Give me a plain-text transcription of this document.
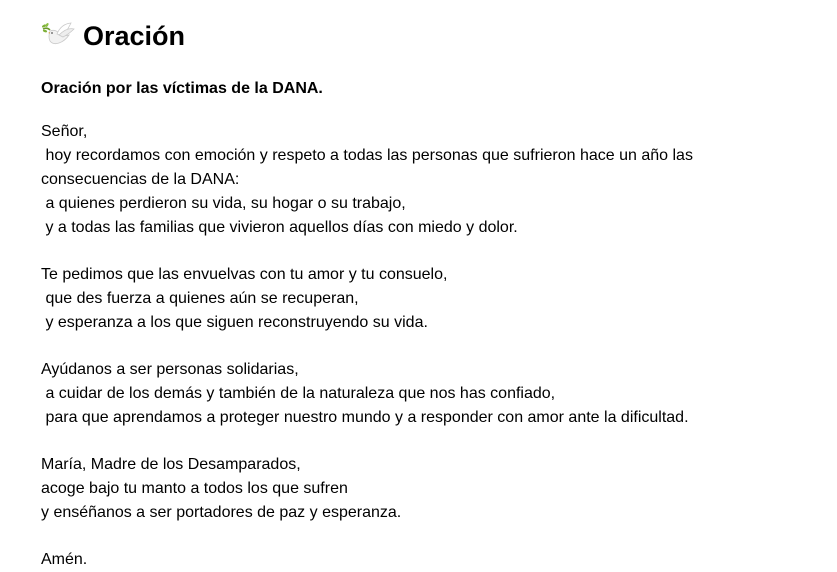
Oración

Oración por las víctimas de la DANA.

Señor,
hoy recordamos con emoción y respeto a todas las personas que sufrieron hace un año las
consecuencias de la DANA:
a quienes perdieron su vida, su hogar o su trabajo,
y a todas las familias que vivieron aquellos días con miedo y dolor.
Te pedimos que las envuelvas con tu amor y tu consuelo,
que des fuerza a quienes aún se recuperan,
y esperanza a los que siguen reconstruyendo su vida.
Ayúdanos a ser personas solidarias,
a cuidar de los demás y también de la naturaleza que nos has confiado,
para que aprendamos a proteger nuestro mundo y a responder con amor ante la dificultad.
María, Madre de los Desamparados,
acoge bajo tu manto a todos los que sufren
y enséñanos a ser portadores de paz y esperanza.

Amén.
